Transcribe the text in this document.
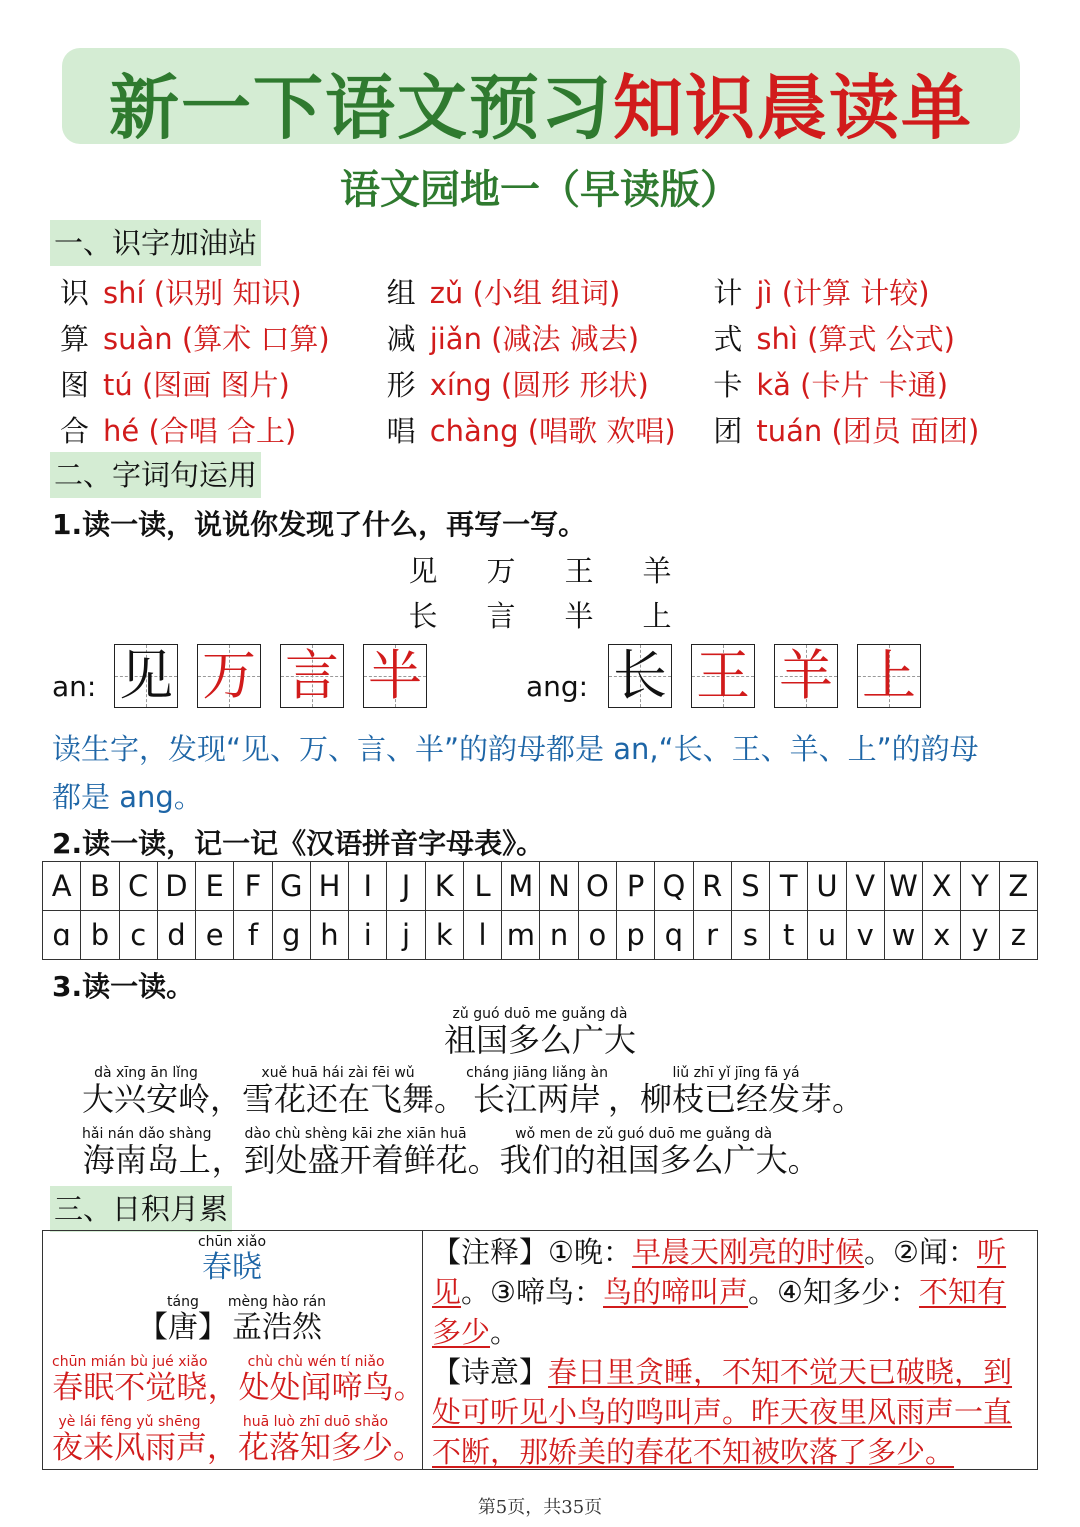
新一下语文预习知识晨读单
语文园地一（早读版）
一、识字加油站
识 shí (识别 知识)	组 zǔ (小组 组词)	计 jì (计算 计较)
算 suàn (算术 口算)	减 jiǎn (减法 减去)	式 shì (算式 公式)
图 tú (图画 图片)	形 xíng (圆形 形状)	卡 kǎ (卡片 卡通)
合 hé (合唱 合上)	唱 chàng (唱歌 欢唱)	团 tuán (团员 面团)
二、字词句运用
1.读一读，说说你发现了什么，再写一写。
见 万 王 羊
长 言 半 上
an: 见 万 言 半	ang: 长 王 羊 上
读生字，发现“见、万、言、半”的韵母都是 an,“长、王、羊、上”的韵母
都是 ang。
2.读一读，记一记《汉语拼音字母表》。
A	B	C	D	E	F	G	H	I	J	K	L	M	N	O	P	Q	R	S	T	U	V	W	X	Y	Z
ɑ	b	c	d	e	f	g	h	i	j	k	l	m	n	o	p	q	r	s	t	u	v	w	x	y	z
3.读一读。
zǔ guó duō me guǎng dà
祖国多么广大
dà xīng ān lǐng
大兴安岭
，
xuě huā hái zài fēi wǔ
雪花还在飞舞
。
cháng jiāng liǎng àn
长江两岸
，
liǔ zhī yǐ jīng fā yá
柳枝已经发芽
。
hǎi nán dǎo shàng
海南岛上
，
dào chù shèng kāi zhe xiān huā
到处盛开着鲜花
。
wǒ men de zǔ guó duō me guǎng dà
我们的祖国多么广大
。
三、日积月累
chūn xiǎo
春晓
táng
【唐】
mèng hào rán
孟浩然
chūn mián bù jué xiǎo
春眠不觉晓
，
chù chù wén tí niǎo
处处闻啼鸟
。
yè lái fēng yǔ shēng
夜来风雨声
，
huā luò zhī duō shǎo
花落知多少
。
【注释】①晚：早晨天刚亮的时候。②闻：听见。③啼鸟：鸟的啼叫声。④知多少：不知有多少。
【诗意】春日里贪睡，不知不觉天已破晓，到处可听见小鸟的鸣叫声。昨天夜里风雨声一直不断，那娇美的春花不知被吹落了多少。
第5页，共35页
